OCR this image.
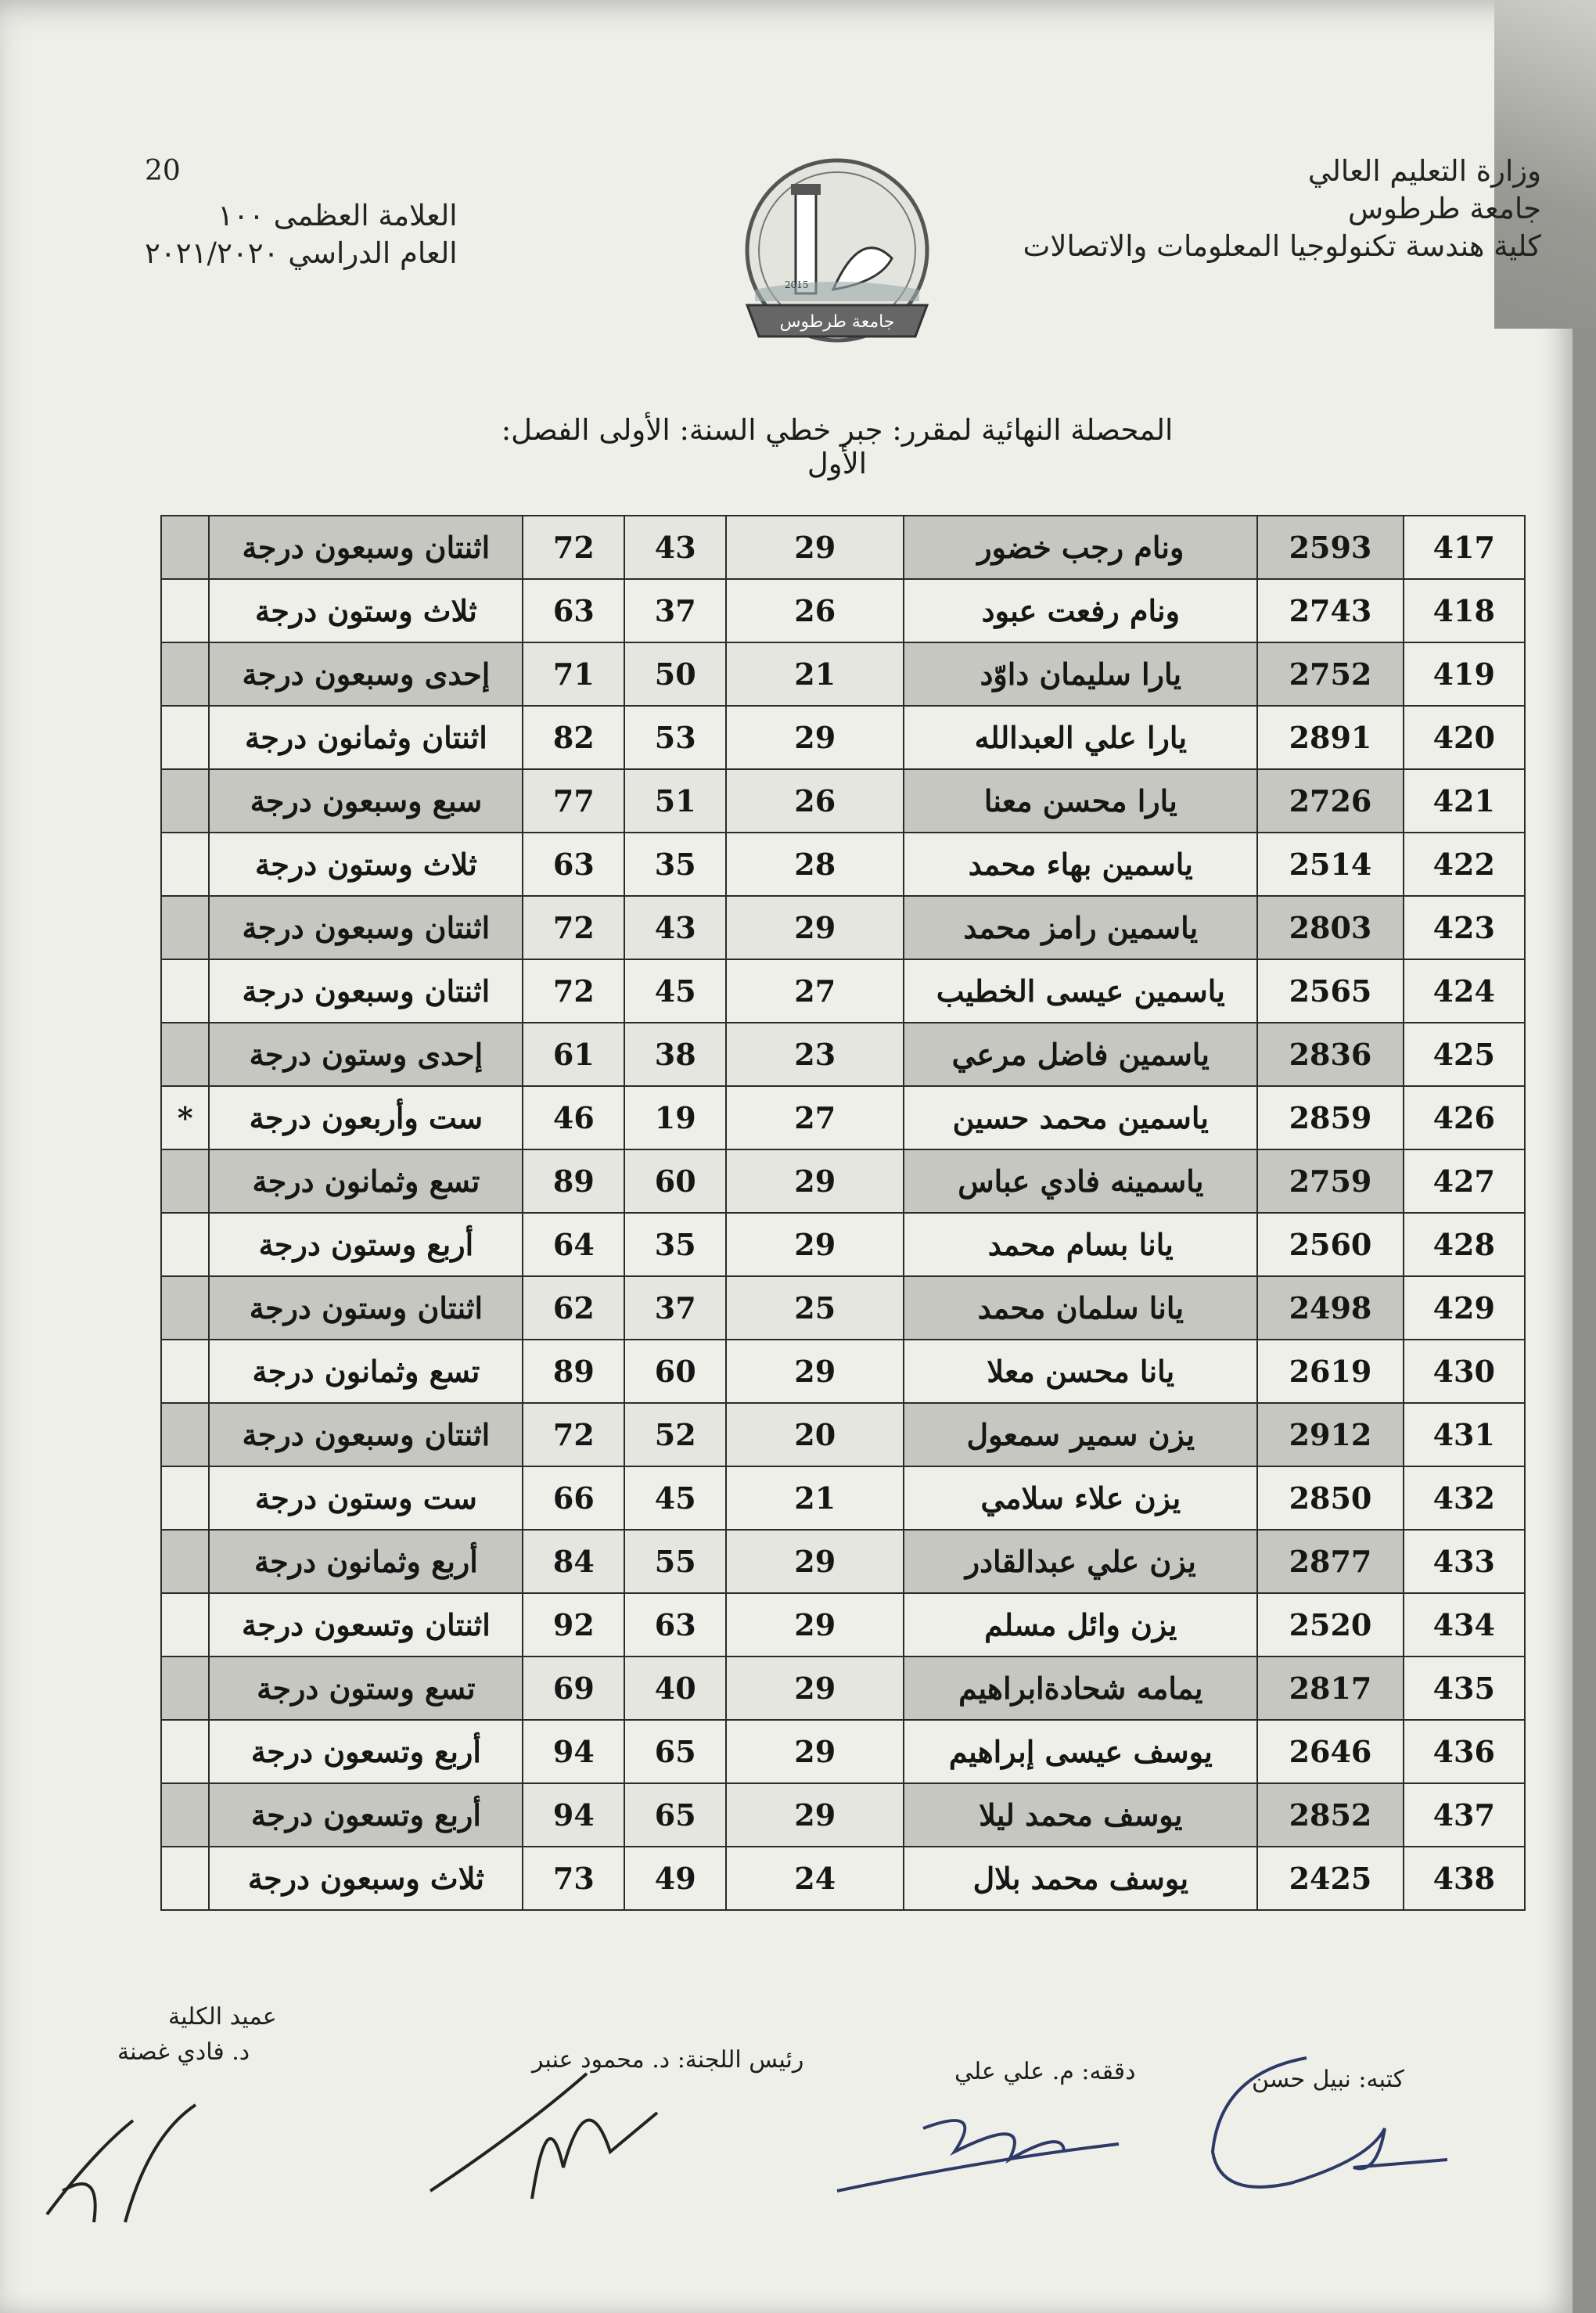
وزارة التعليم العالي
جامعة طرطوس
كلية هندسة تكنولوجيا المعلومات والاتصالات
20
العلامة العظمى ١٠٠
العام الدراسي ٢٠٢١/٢٠٢٠
2015
جامعة طرطوس
المحصلة النهائية لمقرر: جبر خطي السنة: الأولى الفصل: الأول
417	2593	ونام رجب خضور	29	43	72	اثنتان وسبعون درجة	
418	2743	ونام رفعت عبود	26	37	63	ثلاث وستون درجة	
419	2752	يارا سليمان داوّد	21	50	71	إحدى وسبعون درجة	
420	2891	يارا علي العبدالله	29	53	82	اثنتان وثمانون درجة	
421	2726	يارا محسن معنا	26	51	77	سبع وسبعون درجة	
422	2514	ياسمين بهاء محمد	28	35	63	ثلاث وستون درجة	
423	2803	ياسمين رامز محمد	29	43	72	اثنتان وسبعون درجة	
424	2565	ياسمين عيسى الخطيب	27	45	72	اثنتان وسبعون درجة	
425	2836	ياسمين فاضل مرعي	23	38	61	إحدى وستون درجة	
426	2859	ياسمين محمد حسين	27	19	46	ست وأربعون درجة	*
427	2759	ياسمينه فادي عباس	29	60	89	تسع وثمانون درجة	
428	2560	يانا بسام محمد	29	35	64	أربع وستون درجة	
429	2498	يانا سلمان محمد	25	37	62	اثنتان وستون درجة	
430	2619	يانا محسن معلا	29	60	89	تسع وثمانون درجة	
431	2912	يزن سمير سمعول	20	52	72	اثنتان وسبعون درجة	
432	2850	يزن علاء سلامي	21	45	66	ست وستون درجة	
433	2877	يزن علي عبدالقادر	29	55	84	أربع وثمانون درجة	
434	2520	يزن وائل مسلم	29	63	92	اثنتان وتسعون درجة	
435	2817	يمامه شحادةابراهيم	29	40	69	تسع وستون درجة	
436	2646	يوسف عيسى إبراهيم	29	65	94	أربع وتسعون درجة	
437	2852	يوسف محمد ليلا	29	65	94	أربع وتسعون درجة	
438	2425	يوسف محمد بلال	24	49	73	ثلاث وسبعون درجة	
كتبه: نبيل حسن
دققه: م. علي علي
رئيس اللجنة: د. محمود عنبر
عميد الكلية
د. فادي غصنة
